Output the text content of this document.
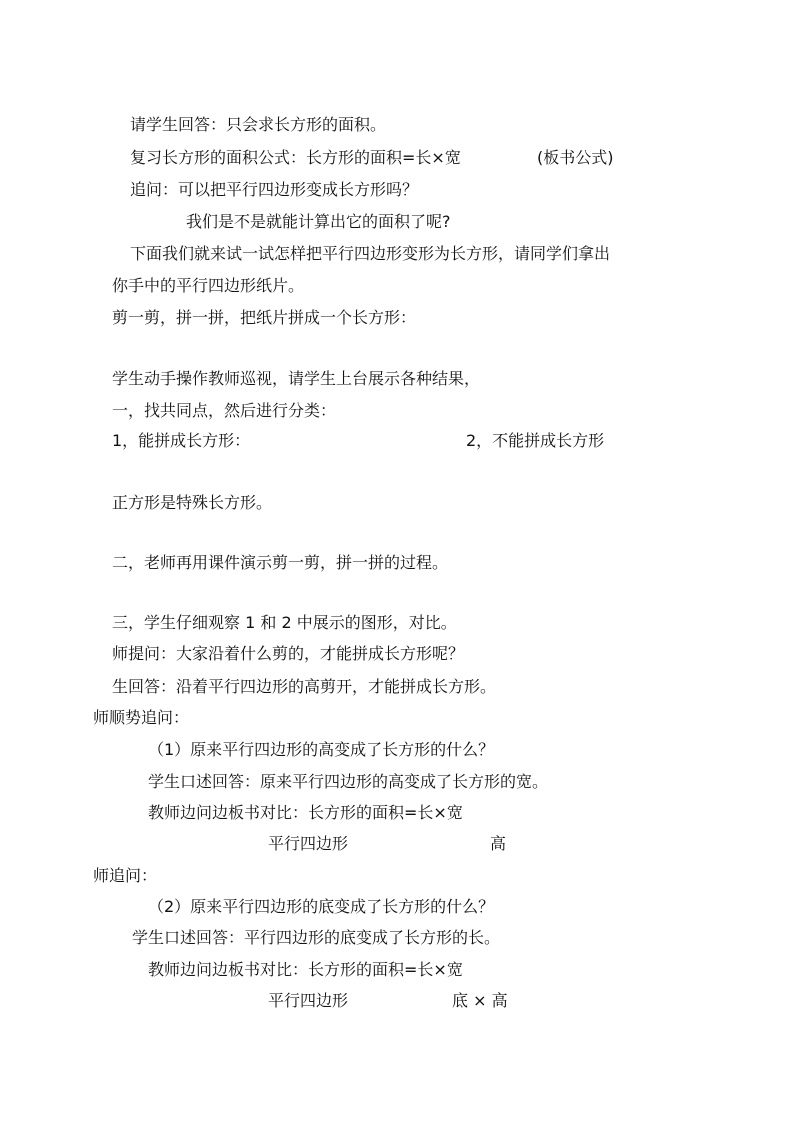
请学生回答：只会求长方形的面积。
复习长方形的面积公式：长方形的面积=长×宽	(板书公式)
追问：可以把平行四边形变成长方形吗？
我们是不是就能计算出它的面积了呢?
下面我们就来试一试怎样把平行四边形变形为长方形，请同学们拿出
你手中的平行四边形纸片。
剪一剪，拼一拼，把纸片拼成一个长方形：
学生动手操作教师巡视，请学生上台展示各种结果，
一，找共同点，然后进行分类：
1，能拼成长方形：	2，不能拼成长方形
正方形是特殊长方形。
二，老师再用课件演示剪一剪，拼一拼的过程。
三，学生仔细观察 1 和 2 中展示的图形，对比。
师提问：大家沿着什么剪的，才能拼成长方形呢？
生回答：沿着平行四边形的高剪开，才能拼成长方形。
师顺势追问：
（1）原来平行四边形的高变成了长方形的什么？
学生口述回答：原来平行四边形的高变成了长方形的宽。
教师边问边板书对比：长方形的面积=长×宽
平行四边形	高
师追问：
（2）原来平行四边形的底变成了长方形的什么？
学生口述回答：平行四边形的底变成了长方形的长。
教师边问边板书对比：长方形的面积=长×宽
平行四边形	底 × 高
